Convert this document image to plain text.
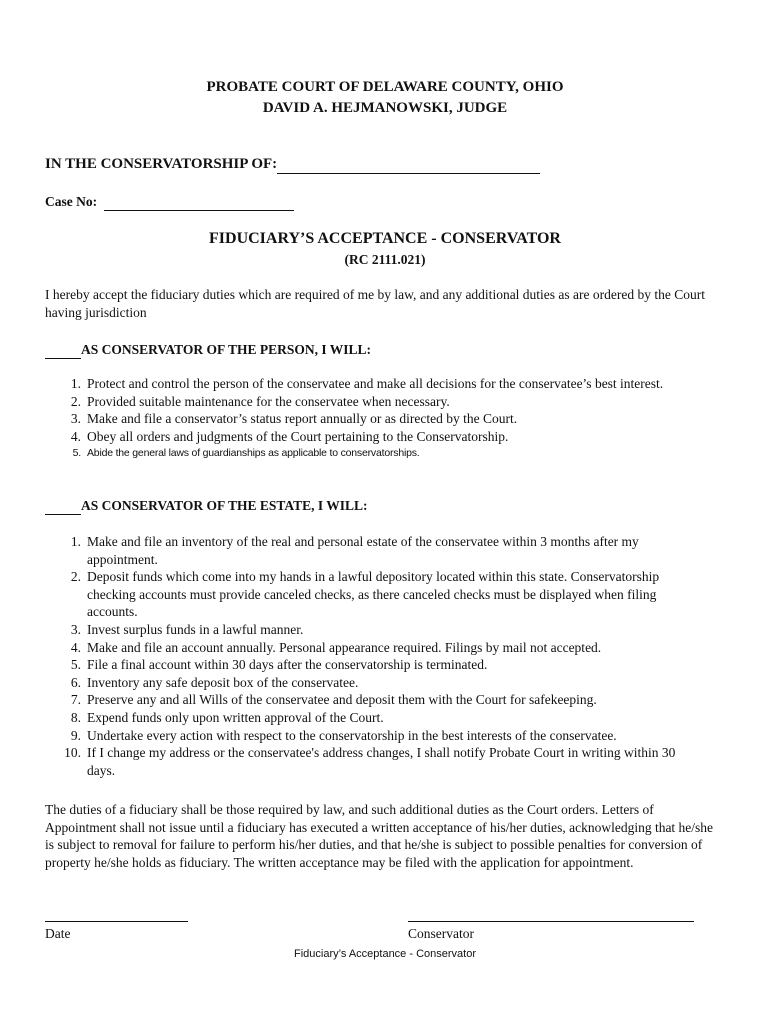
PROBATE COURT OF DELAWARE COUNTY, OHIO
DAVID A. HEJMANOWSKI, JUDGE
IN THE CONSERVATORSHIP OF:
Case No:
FIDUCIARY’S ACCEPTANCE - CONSERVATOR
(RC 2111.021)
I hereby accept the fiduciary duties which are required of me by law, and any additional duties as are ordered by the Court having jurisdiction
AS CONSERVATOR OF THE PERSON, I WILL:
1. Protect and control the person of the conservatee and make all decisions for the conservatee’s best interest.
2. Provided suitable maintenance for the conservatee when necessary.
3. Make and file a conservator’s status report annually or as directed by the Court.
4. Obey all orders and judgments of the Court pertaining to the Conservatorship.
5. Abide the general laws of guardianships as applicable to conservatorships.
AS CONSERVATOR OF THE ESTATE, I WILL:
1. Make and file an inventory of the real and personal estate of the conservatee within 3 months after my appointment.
2. Deposit funds which come into my hands in a lawful depository located within this state. Conservatorship checking accounts must provide canceled checks, as there canceled checks must be displayed when filing accounts.
3. Invest surplus funds in a lawful manner.
4. Make and file an account annually. Personal appearance required. Filings by mail not accepted.
5. File a final account within 30 days after the conservatorship is terminated.
6. Inventory any safe deposit box of the conservatee.
7. Preserve any and all Wills of the conservatee and deposit them with the Court for safekeeping.
8. Expend funds only upon written approval of the Court.
9. Undertake every action with respect to the conservatorship in the best interests of the conservatee.
10. If I change my address or the conservatee's address changes, I shall notify Probate Court in writing within 30 days.
The duties of a fiduciary shall be those required by law, and such additional duties as the Court orders. Letters of Appointment shall not issue until a fiduciary has executed a written acceptance of his/her duties, acknowledging that he/she is subject to removal for failure to perform his/her duties, and that he/she is subject to possible penalties for conversion of property he/she holds as fiduciary. The written acceptance may be filed with the application for appointment.
Date	Conservator
Fiduciary’s Acceptance - Conservator
